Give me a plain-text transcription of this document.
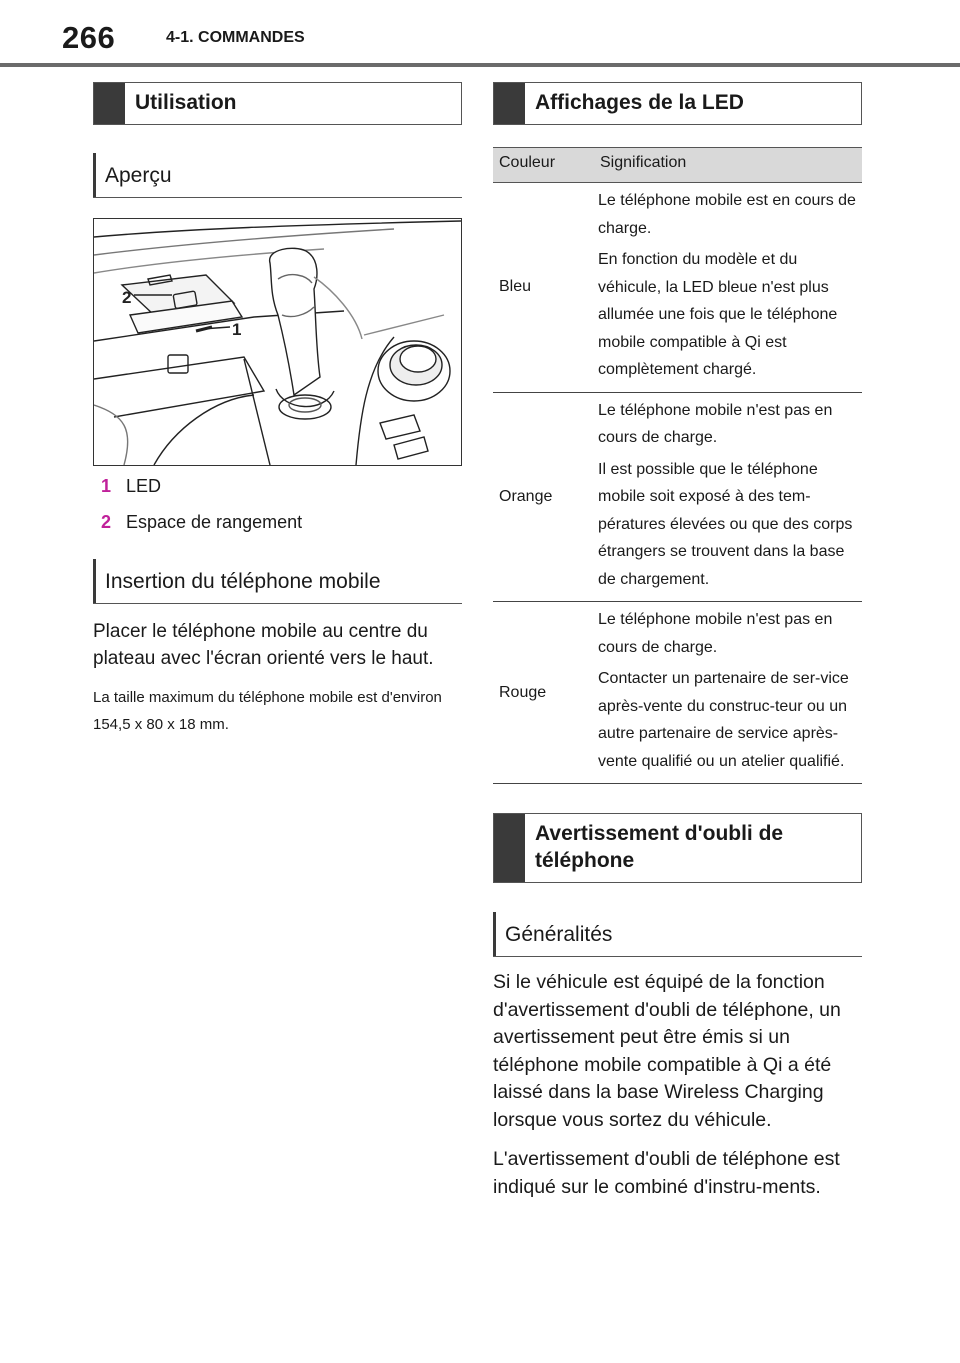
266	4-1. COMMANDES
Utilisation
Aperçu
2
1
1 LED
2 Espace de rangement
Insertion du téléphone mobile

Placer le téléphone mobile au centre du plateau avec l'écran orienté vers le haut.

La taille maximum du téléphone mobile est d'environ 154,5 x 80 x 18 mm.

Affichages de la LED
Couleur	Signification
Bleu	Le téléphone mobile est en cours de charge.

En fonction du modèle et du véhicule, la LED bleue n'est plus allumée une fois que le téléphone mobile compatible à Qi est complètement chargé.

Orange	Le téléphone mobile n'est pas en cours de charge.

Il est possible que le téléphone mobile soit exposé à des tem-pératures élevées ou que des corps étrangers se trouvent dans la base de chargement.

Rouge	Le téléphone mobile n'est pas en cours de charge.

Contacter un partenaire de ser-vice après-vente du construc-teur ou un autre partenaire de service après-vente qualifié ou un atelier qualifié.

Avertissement d'oubli de téléphone
Généralités

Si le véhicule est équipé de la fonction d'avertissement d'oubli de téléphone, un avertissement peut être émis si un téléphone mobile compatible à Qi a été laissé dans la base Wireless Charging lorsque vous sortez du véhicule.

L'avertissement d'oubli de téléphone est indiqué sur le combiné d'instru-ments.
